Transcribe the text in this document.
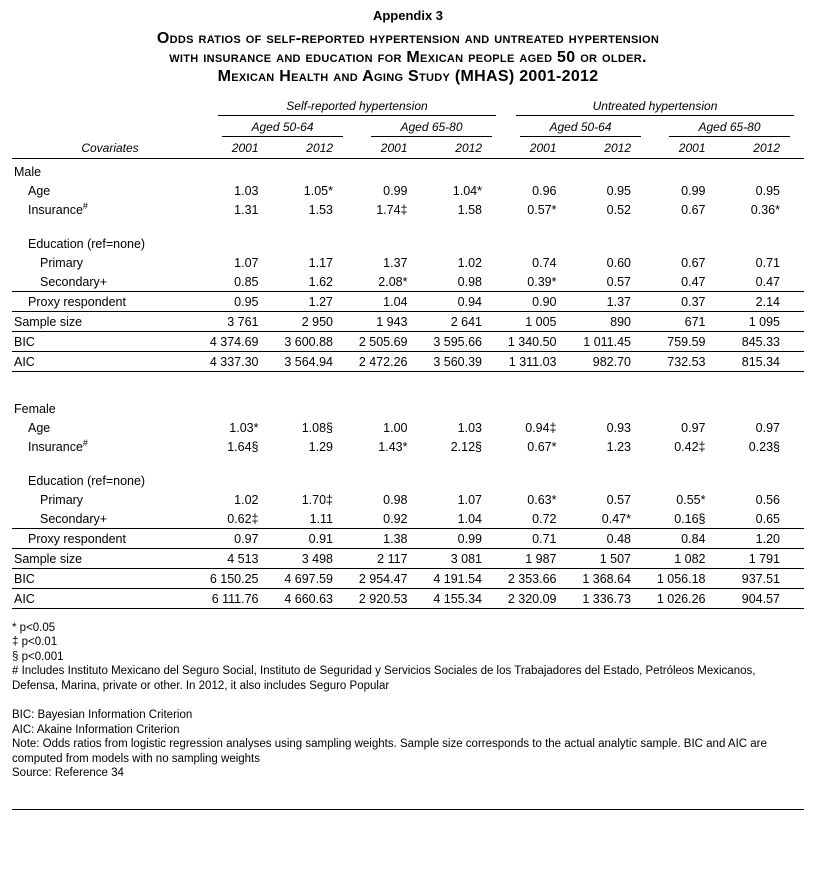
Appendix 3
Odds ratios of self-reported hypertension and untreated hypertension
with insurance and education for Mexican people aged 50 or older.
Mexican Health and Aging Study (MHAS) 2001-2012

	Self-reported hypertension				Untreated hypertension			

	Aged 50-64		Aged 65-80		Aged 50-64		Aged 65-80	

Covariates	2001	2012	2001	2012	2001	2012	2001	2012
Male								
Age	1.03	1.05*	0.99	1.04*	0.96	0.95	0.99	0.95
Insurance#	1.31	1.53	1.74‡	1.58	0.57*	0.52	0.67	0.36*

Education (ref=none)								
Primary	1.07	1.17	1.37	1.02	0.74	0.60	0.67	0.71
Secondary+	0.85	1.62	2.08*	0.98	0.39*	0.57	0.47	0.47
Proxy respondent	0.95	1.27	1.04	0.94	0.90	1.37	0.37	2.14
Sample size	3 761	2 950	1 943	2 641	1 005	890	671	1 095
BIC	4 374.69	3 600.88	2 505.69	3 595.66	1 340.50	1 011.45	759.59	845.33
AIC	4 337.30	3 564.94	2 472.26	3 560.39	1 311.03	982.70	732.53	815.34

Female								
Age	1.03*	1.08§	1.00	1.03	0.94‡	0.93	0.97	0.97
Insurance#	1.64§	1.29	1.43*	2.12§	0.67*	1.23	0.42‡	0.23§

Education (ref=none)								
Primary	1.02	1.70‡	0.98	1.07	0.63*	0.57	0.55*	0.56
Secondary+	0.62‡	1.11	0.92	1.04	0.72	0.47*	0.16§	0.65
Proxy respondent	0.97	0.91	1.38	0.99	0.71	0.48	0.84	1.20
Sample size	4 513	3 498	2 117	3 081	1 987	1 507	1 082	1 791
BIC	6 150.25	4 697.59	2 954.47	4 191.54	2 353.66	1 368.64	1 056.18	937.51
AIC	6 111.76	4 660.63	2 920.53	4 155.34	2 320.09	1 336.73	1 026.26	904.57
* p<0.05
‡ p<0.01
§ p<0.001
# Includes Instituto Mexicano del Seguro Social, Instituto de Seguridad y Servicios Sociales de los Trabajadores del Estado, Petróleos Mexicanos, Defensa, Marina, private or other. In 2012, it also includes Seguro Popular
BIC: Bayesian Information Criterion
AIC: Akaine Information Criterion
Note: Odds ratios from logistic regression analyses using sampling weights. Sample size corresponds to the actual analytic sample. BIC and AIC are computed from models with no sampling weights
Source: Reference 34
